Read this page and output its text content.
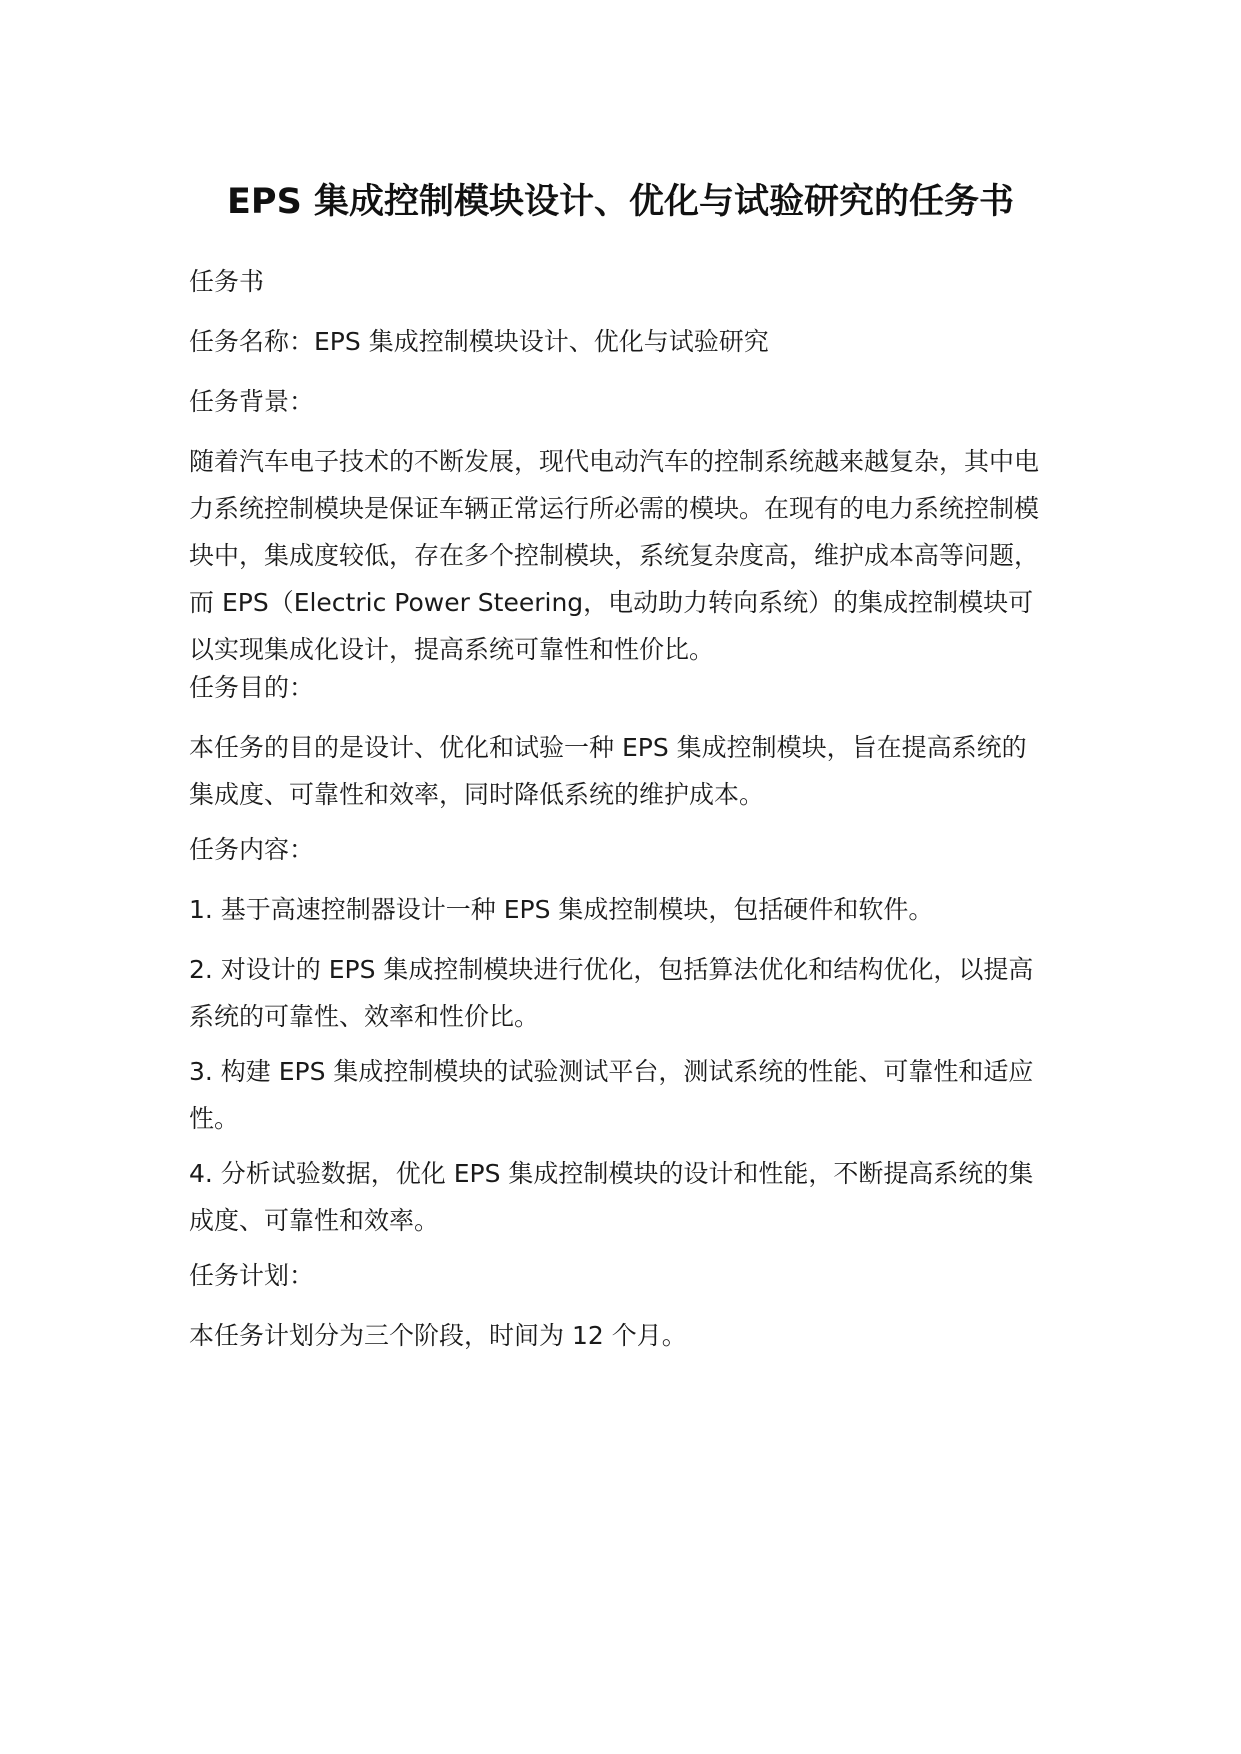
EPS 集成控制模块设计、优化与试验研究的任务书

任务书

任务名称：EPS 集成控制模块设计、优化与试验研究

任务背景：

随着汽车电子技术的不断发展，现代电动汽车的控制系统越来越复杂，其中电力系统控制模块是保证车辆正常运行所必需的模块。在现有的电力系统控制模块中，集成度较低，存在多个控制模块，系统复杂度高，维护成本高等问题，而 EPS（Electric Power Steering，电动助力转向系统）的集成控制模块可以实现集成化设计，提高系统可靠性和性价比。

任务目的：

本任务的目的是设计、优化和试验一种 EPS 集成控制模块，旨在提高系统的集成度、可靠性和效率，同时降低系统的维护成本。

任务内容：

1. 基于高速控制器设计一种 EPS 集成控制模块，包括硬件和软件。

2. 对设计的 EPS 集成控制模块进行优化，包括算法优化和结构优化，以提高系统的可靠性、效率和性价比。

3. 构建 EPS 集成控制模块的试验测试平台，测试系统的性能、可靠性和适应性。

4. 分析试验数据，优化 EPS 集成控制模块的设计和性能，不断提高系统的集成度、可靠性和效率。

任务计划：

本任务计划分为三个阶段，时间为 12 个月。
